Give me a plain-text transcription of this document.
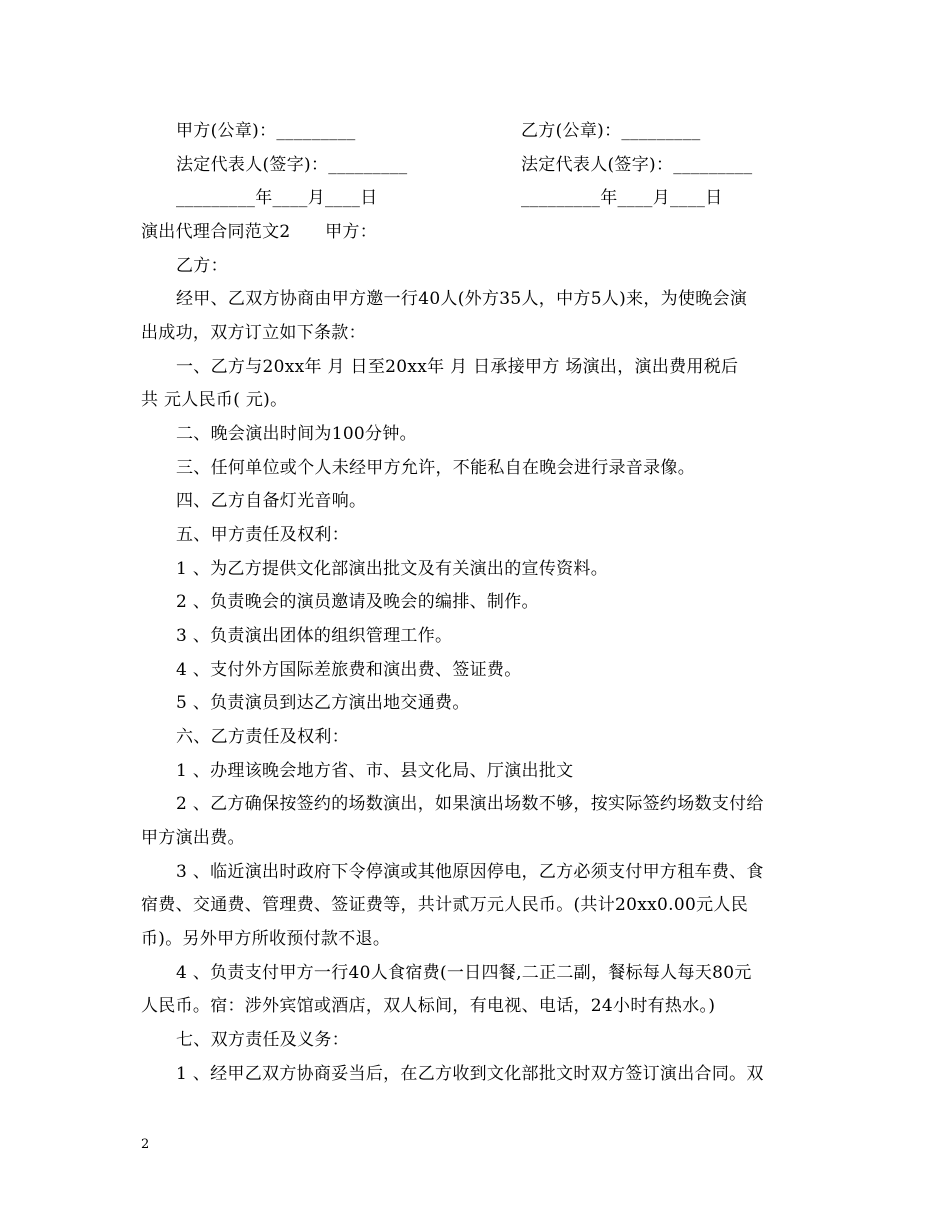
甲方(公章)：_________	乙方(公章)：_________
法定代表人(签字)：_________	法定代表人(签字)：_________
_________年____月____日	_________年____月____日
演出代理合同范文2　　甲方：
乙方：
经甲、乙双方协商由甲方邀一行40人(外方35人，中方5人)来，为使晚会演
出成功，双方订立如下条款：
一、乙方与20xx年 月 日至20xx年 月 日承接甲方 场演出，演出费用税后
共 元人民币( 元)。
二、晚会演出时间为100分钟。
三、任何单位或个人未经甲方允许，不能私自在晚会进行录音录像。
四、乙方自备灯光音响。
五、甲方责任及权利：
1 、为乙方提供文化部演出批文及有关演出的宣传资料。
2 、负责晚会的演员邀请及晚会的编排、制作。
3 、负责演出团体的组织管理工作。
4 、支付外方国际差旅费和演出费、签证费。
5 、负责演员到达乙方演出地交通费。
六、乙方责任及权利：
1 、办理该晚会地方省、市、县文化局、厅演出批文
2 、乙方确保按签约的场数演出，如果演出场数不够，按实际签约场数支付给
甲方演出费。
3 、临近演出时政府下令停演或其他原因停电，乙方必须支付甲方租车费、食
宿费、交通费、管理费、签证费等，共计贰万元人民币。(共计20xx0.00元人民
币)。另外甲方所收预付款不退。
4 、负责支付甲方一行40人食宿费(一日四餐,二正二副，餐标每人每天80元
人民币。宿：涉外宾馆或酒店，双人标间，有电视、电话，24小时有热水。)
七、双方责任及义务：
1 、经甲乙双方协商妥当后，在乙方收到文化部批文时双方签订演出合同。双
2
